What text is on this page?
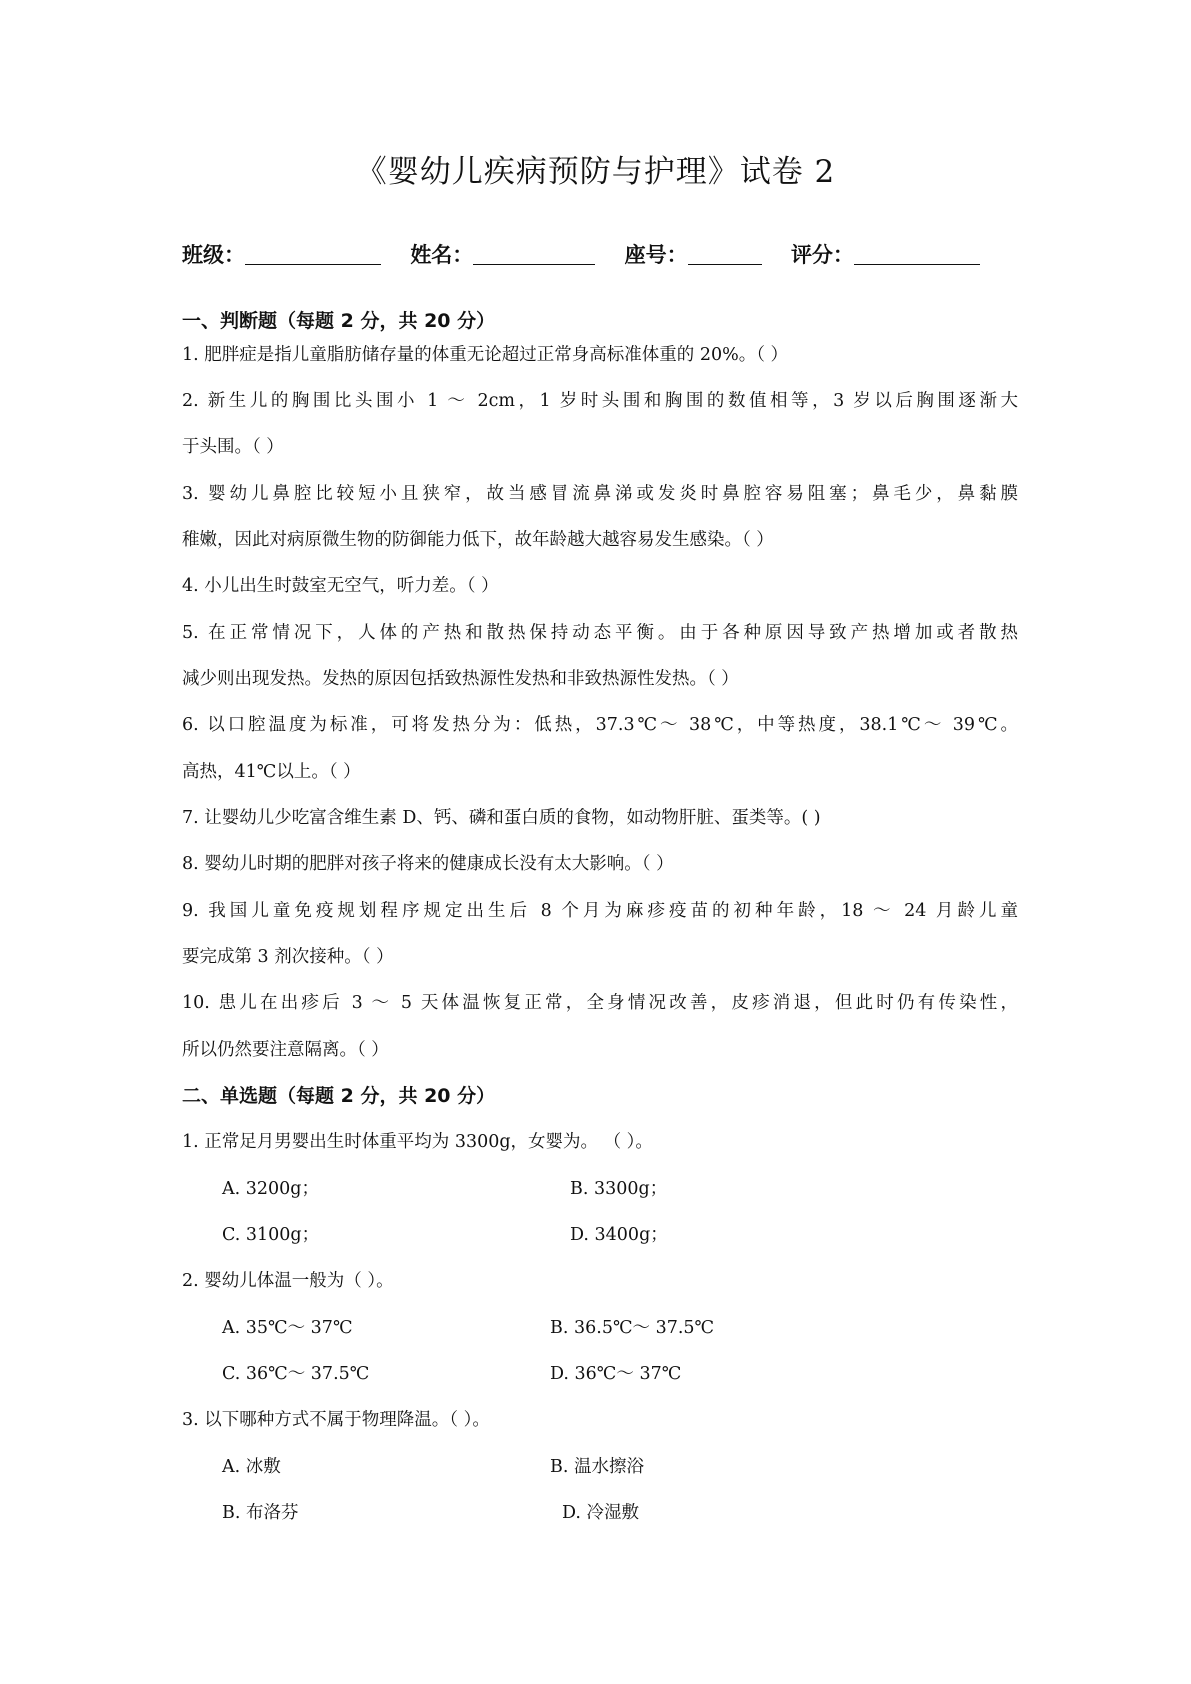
《婴幼儿疾病预防与护理》试卷 2
班级：	姓名：	座号：	评分：
一、判断题（每题 2 分，共 20 分）
1. 肥胖症是指儿童脂肪储存量的体重无论超过正常身高标准体重的 20%。（ ）
2. 新生儿的胸围比头围小 1 ～ 2cm，1 岁时头围和胸围的数值相等，3 岁以后胸围逐渐大
于头围。（ ）
3. 婴幼儿鼻腔比较短小且狭窄，故当感冒流鼻涕或发炎时鼻腔容易阻塞；鼻毛少，鼻黏膜
稚嫩，因此对病原微生物的防御能力低下，故年龄越大越容易发生感染。（ ）
4. 小儿出生时鼓室无空气，听力差。（ ）
5. 在正常情况下，人体的产热和散热保持动态平衡。由于各种原因导致产热增加或者散热
减少则出现发热。发热的原因包括致热源性发热和非致热源性发热。（ ）
6. 以口腔温度为标准，可将发热分为：低热，37.3℃～ 38℃，中等热度，38.1℃～ 39℃。
高热，41℃以上。（ ）
7. 让婴幼儿少吃富含维生素 D、钙、磷和蛋白质的食物，如动物肝脏、蛋类等。( )
8. 婴幼儿时期的肥胖对孩子将来的健康成长没有太大影响。（ ）
9. 我国儿童免疫规划程序规定出生后 8 个月为麻疹疫苗的初种年龄，18 ～ 24 月龄儿童
要完成第 3 剂次接种。（ ）
10. 患儿在出疹后 3 ～ 5 天体温恢复正常，全身情况改善，皮疹消退，但此时仍有传染性，
所以仍然要注意隔离。（ ）
二、单选题（每题 2 分，共 20 分）
1. 正常足月男婴出生时体重平均为 3300g，女婴为。 （ ）。
A. 3200g；	B. 3300g；
C. 3100g；	D. 3400g；
2. 婴幼儿体温一般为（ ）。
A. 35℃～ 37℃	B. 36.5℃～ 37.5℃
C. 36℃～ 37.5℃	D. 36℃～ 37℃
3. 以下哪种方式不属于物理降温。（ ）。
A. 冰敷	B. 温水擦浴
B. 布洛芬	D. 冷湿敷
